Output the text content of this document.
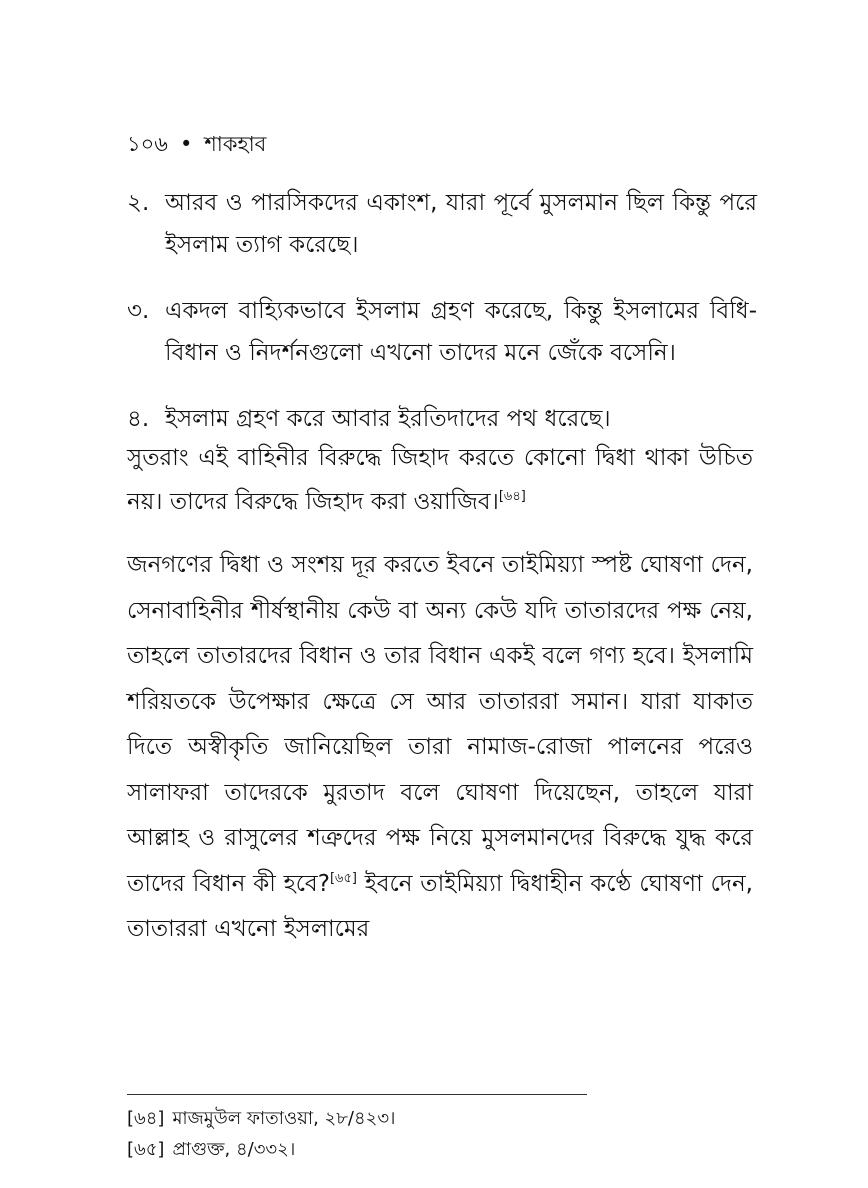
১০৬ • শাকহাব
২. আরব ও পারসিকদের একাংশ, যারা পূর্বে মুসলমান ছিল কিন্তু পরে ইসলাম ত্যাগ করেছে।
৩. একদল বাহ্যিকভাবে ইসলাম গ্রহণ করেছে, কিন্তু ইসলামের বিধি-বিধান ও নিদর্শনগুলো এখনো তাদের মনে জেঁকে বসেনি।
৪. ইসলাম গ্রহণ করে আবার ইরতিদাদের পথ ধরেছে।
সুতরাং এই বাহিনীর বিরুদ্ধে জিহাদ করতে কোনো দ্বিধা থাকা উচিত নয়। তাদের বিরুদ্ধে জিহাদ করা ওয়াজিব।[৬৪]
জনগণের দ্বিধা ও সংশয় দূর করতে ইবনে তাইমিয়্যা স্পষ্ট ঘোষণা দেন, সেনাবাহিনীর শীর্ষস্থানীয় কেউ বা অন্য কেউ যদি তাতারদের পক্ষ নেয়, তাহলে তাতারদের বিধান ও তার বিধান একই বলে গণ্য হবে। ইসলামি শরিয়তকে উপেক্ষার ক্ষেত্রে সে আর তাতাররা সমান। যারা যাকাত দিতে অস্বীকৃতি জানিয়েছিল তারা নামাজ-রোজা পালনের পরেও সালাফরা তাদেরকে মুরতাদ বলে ঘোষণা দিয়েছেন, তাহলে যারা আল্লাহ ও রাসুলের শত্রুদের পক্ষ নিয়ে মুসলমানদের বিরুদ্ধে যুদ্ধ করে তাদের বিধান কী হবে?[৬৫] ইবনে তাইমিয়্যা দ্বিধাহীন কণ্ঠে ঘোষণা দেন, তাতাররা এখনো ইসলামের
[৬৪] মাজমুউল ফাতাওয়া, ২৮/৪২৩।
[৬৫] প্রাগুক্ত, ৪/৩৩২।
